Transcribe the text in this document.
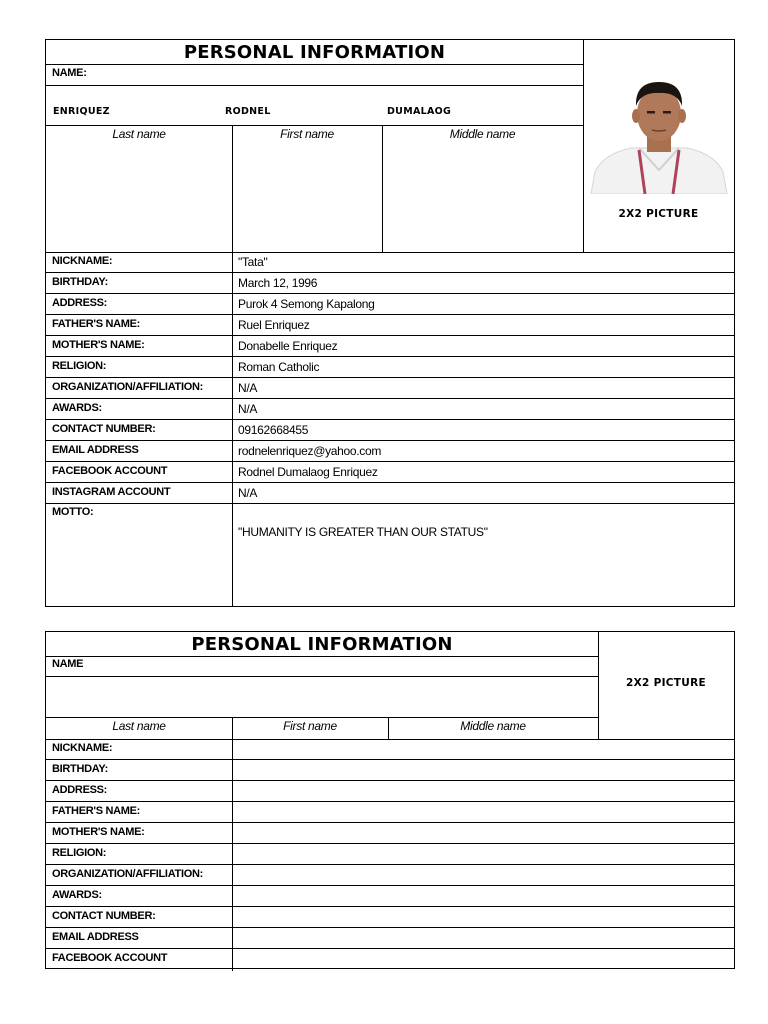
PERSONAL INFORMATION
NAME:
ENRIQUEZ	RODNEL	DUMALAOG
Last name	First name	Middle name
2X2 PICTURE
NICKNAME:	"Tata"
BIRTHDAY:	March 12, 1996
ADDRESS:	Purok 4 Semong Kapalong
FATHER'S NAME:	Ruel Enriquez
MOTHER'S NAME:	Donabelle Enriquez
RELIGION:	Roman Catholic
ORGANIZATION/AFFILIATION:	N/A
AWARDS:	N/A
CONTACT NUMBER:	09162668455
EMAIL ADDRESS	rodnelenriquez@yahoo.com
FACEBOOK ACCOUNT	Rodnel Dumalaog Enriquez
INSTAGRAM ACCOUNT	N/A
MOTTO:
"HUMANITY IS GREATER THAN OUR STATUS"
PERSONAL INFORMATION
NAME
Last name	First name	Middle name
2X2 PICTURE
NICKNAME:
BIRTHDAY:
ADDRESS:
FATHER'S NAME:
MOTHER'S NAME:
RELIGION:
ORGANIZATION/AFFILIATION:
AWARDS:
CONTACT NUMBER:
EMAIL ADDRESS
FACEBOOK ACCOUNT
